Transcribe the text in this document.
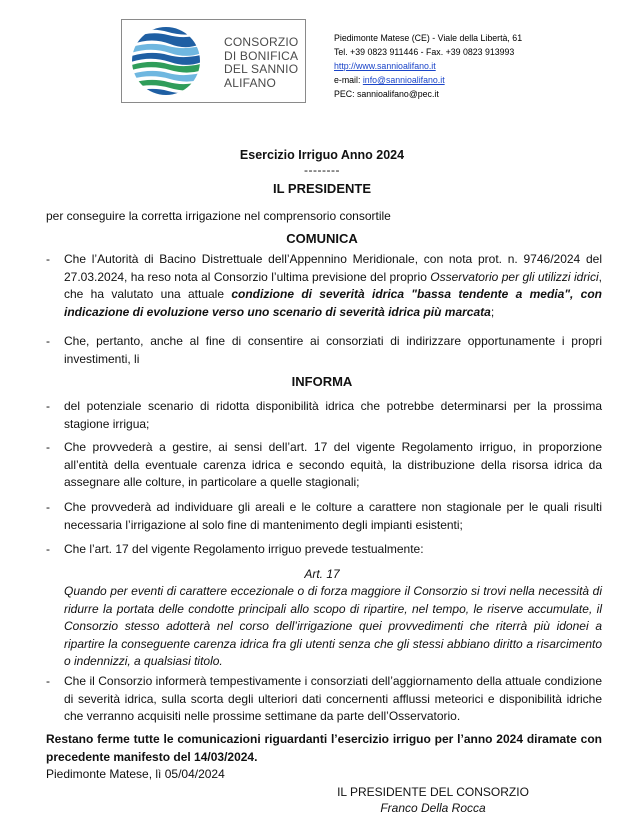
CONSORZIO
DI BONIFICA
DEL SANNIO
ALIFANO
Piedimonte Matese (CE) - Viale della Libertà, 61
Tel. +39 0823 911446 - Fax. +39 0823 913993
http://www.sannioalifano.it
e-mail: info@sannioalifano.it
PEC: sannioalifano@pec.it
Esercizio Irriguo Anno 2024
--------
IL PRESIDENTE
per conseguire la corretta irrigazione nel comprensorio consortile
COMUNICA
- Che l’Autorità di Bacino Distrettuale dell’Appennino Meridionale, con nota prot. n. 9746/2024 del 27.03.2024, ha reso nota al Consorzio l’ultima previsione del proprio Osservatorio per gli utilizzi idrici, che ha valutato una attuale condizione di severità idrica "bassa tendente a media", con indicazione di evoluzione verso uno scenario di severità idrica più marcata;
- Che, pertanto, anche al fine di consentire ai consorziati di indirizzare opportunamente i propri investimenti, li
INFORMA
- del potenziale scenario di ridotta disponibilità idrica che potrebbe determinarsi per la prossima stagione irrigua;
- Che provvederà a gestire, ai sensi dell’art. 17 del vigente Regolamento irriguo, in proporzione all’entità della eventuale carenza idrica e secondo equità, la distribuzione della risorsa idrica da assegnare alle colture, in particolare a quelle stagionali;
- Che provvederà ad individuare gli areali e le colture a carattere non stagionale per le quali risulti necessaria l’irrigazione al solo fine di mantenimento degli impianti esistenti;
- Che l’art. 17 del vigente Regolamento irriguo prevede testualmente:
Art. 17
Quando per eventi di carattere eccezionale o di forza maggiore il Consorzio si trovi nella necessità di ridurre la portata delle condotte principali allo scopo di ripartire, nel tempo, le riserve accumulate, il Consorzio stesso adotterà nel corso dell’irrigazione quei provvedimenti che riterrà più idonei a ripartire la conseguente carenza idrica fra gli utenti senza che gli stessi abbiano diritto a risarcimento o indennizzi, a qualsiasi titolo.
- Che il Consorzio informerà tempestivamente i consorziati dell’aggiornamento della attuale condizione di severità idrica, sulla scorta degli ulteriori dati concernenti afflussi meteorici e disponibilità idriche che verranno acquisiti nelle prossime settimane da parte dell’Osservatorio.
Restano ferme tutte le comunicazioni riguardanti l’esercizio irriguo per l’anno 2024 diramate con precedente manifesto del 14/03/2024.
Piedimonte Matese, lì 05/04/2024
IL PRESIDENTE DEL CONSORZIO
Franco Della Rocca
